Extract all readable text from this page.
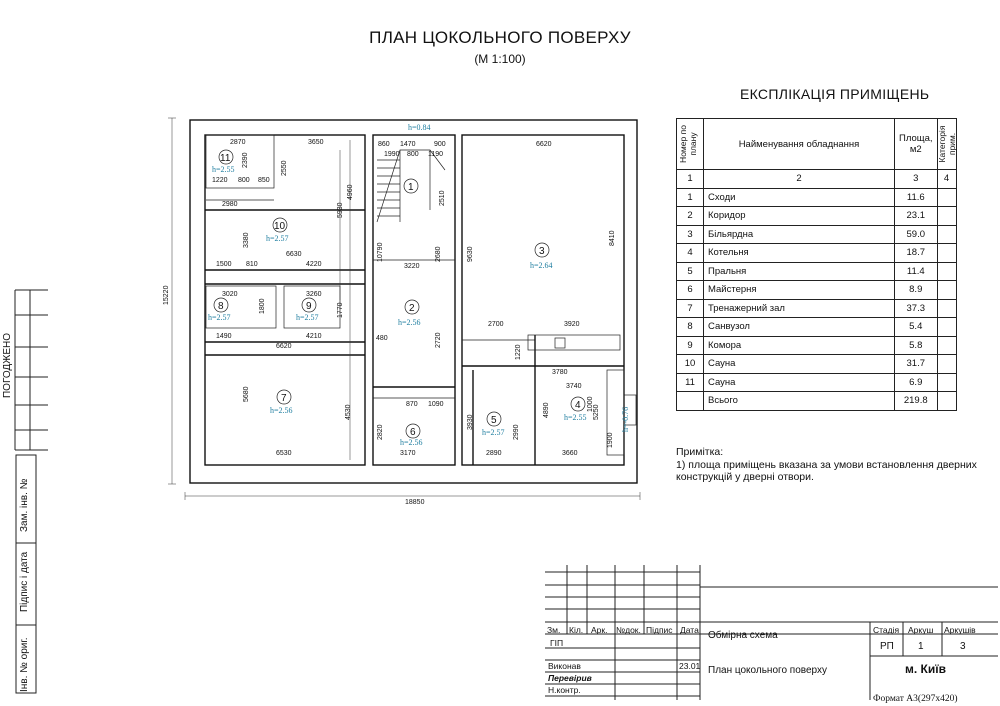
ПЛАН ЦОКОЛЬНОГО ПОВЕРХУ
(М 1:100)
18850
15220
1
2
3
4
5
6
7
8	9
10
11
h=0.84
h=2.56
h=2.64
h=2.55
h=2.57
h=2.56
h=2.56
h=2.57	h=2.57
h=2.57
h=2.55
h=-0.76
2870	3650
2390
2550
1220 800 850
2980
3380
5930
4960
6630
1500 810	4220
3020	3260
1800	1770
1490	4210
6620
5680
4530
6530
860 1470	900
1990 800 1190
2510
10790
3220
2680
2720
2820
3170
870 1090
480
6620
8410
9630
2700	3920
1220
3780
3740
4890	5250
3930
2890	3660
2990
1000
1900
ЕКСПЛІКАЦІЯ ПРИМІЩЕНЬ
Номер по плану	Найменування обладнання	Площа, м2	Категорія прим.

1	2	3	4
1	Сходи	11.6	
2	Коридор	23.1	
3	Більярдна	59.0	
4	Котельня	18.7	
5	Пральня	11.4	
6	Майстерня	8.9	
7	Тренажерний зал	37.3	
8	Санвузол	5.4	
9	Комора	5.8	
10	Сауна	31.7	
11	Сауна	6.9	
	Всього	219.8	
Примітка:
1) площа приміщень вказана за умови встановлення дверних
конструкцій у дверні отвори.
ПОГОДЖЕНО
Зам. інв. №
Підпис і дата
Інв. № ориг.
Зм. Кіл. Арк. №док. Підпис Дата
ГІП
Виконав	23.01
Перевірив
Н.контр.
Обмірна схема
План цокольного поверху	м. Київ
Стадія Аркуш Аркушів
РП 1	3
Формат А3(297х420)
